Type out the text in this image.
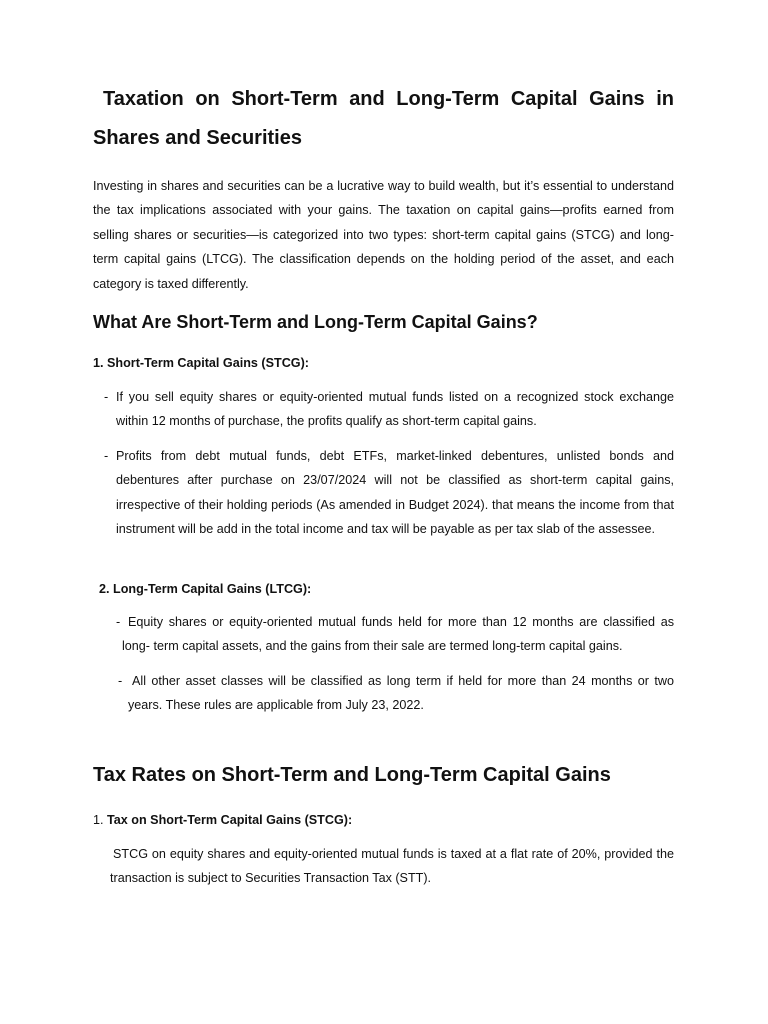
Taxation on Short-Term and Long-Term Capital Gains in Shares and Securities

Investing in shares and securities can be a lucrative way to build wealth, but it’s essential to understand the tax implications associated with your gains. The taxation on capital gains—profits earned from selling shares or securities—is categorized into two types: short-term capital gains (STCG) and long-term capital gains (LTCG). The classification depends on the holding period of the asset, and each category is taxed differently.

What Are Short-Term and Long-Term Capital Gains?

1. Short-Term Capital Gains (STCG):

- If you sell equity shares or equity-oriented mutual funds listed on a recognized stock exchange within 12 months of purchase, the profits qualify as short-term capital gains.
- Profits from debt mutual funds, debt ETFs, market-linked debentures, unlisted bonds and debentures after purchase on 23/07/2024 will not be classified as short-term capital gains, irrespective of their holding periods (As amended in Budget 2024). that means the income from that instrument will be add in the total income and tax will be payable as per tax slab of the assessee.

2. Long-Term Capital Gains (LTCG):

- Equity shares or equity-oriented mutual funds held for more than 12 months are classified as long- term capital assets, and the gains from their sale are termed long-term capital gains.
- All other asset classes will be classified as long term if held for more than 24 months or two years. These rules are applicable from July 23, 2022.
Tax Rates on Short-Term and Long-Term Capital Gains

1. Tax on Short-Term Capital Gains (STCG):

STCG on equity shares and equity-oriented mutual funds is taxed at a flat rate of 20%, provided the transaction is subject to Securities Transaction Tax (STT).
